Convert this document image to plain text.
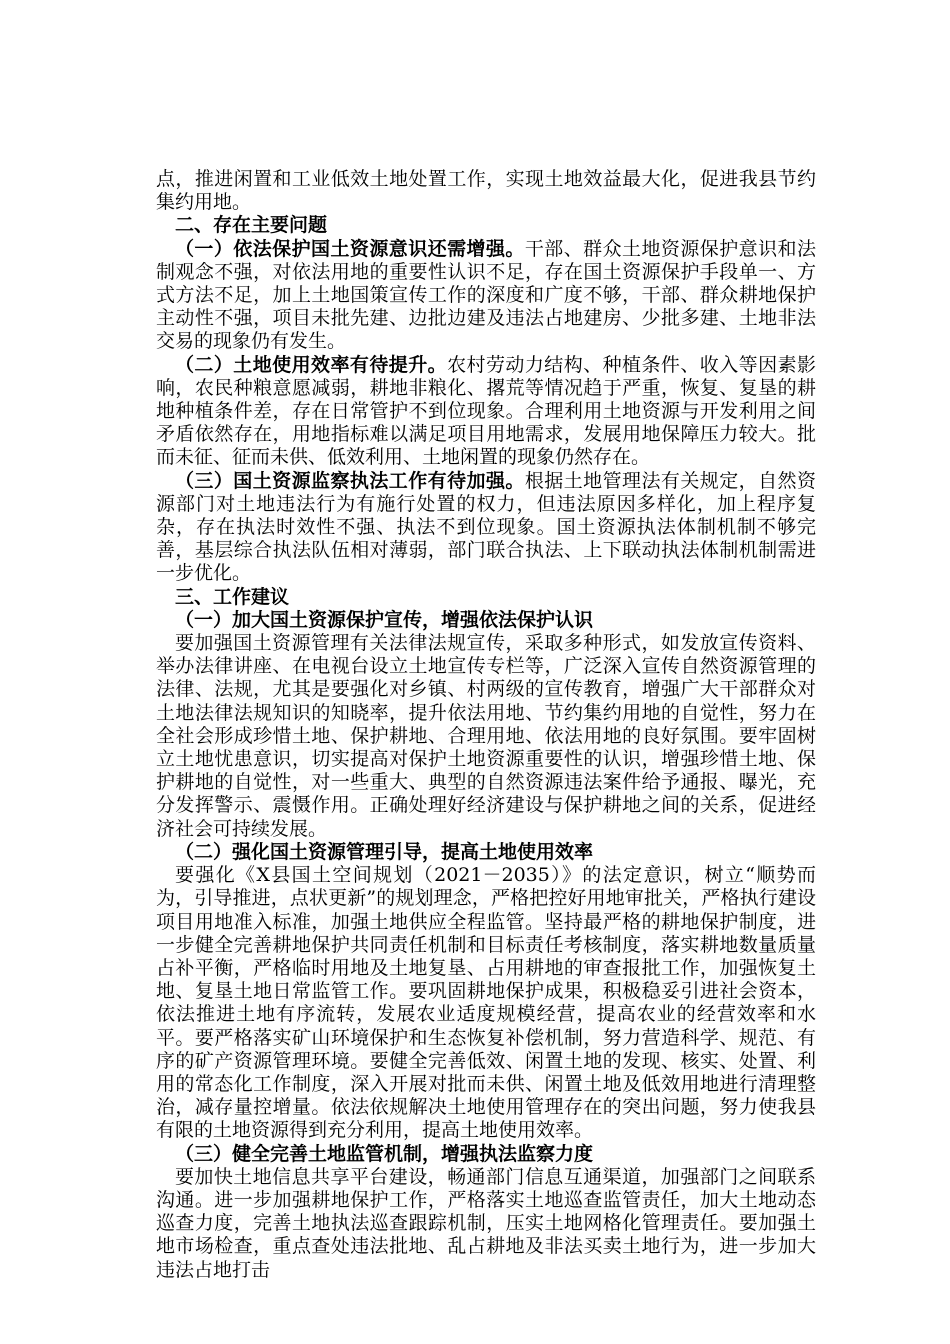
点，推进闲置和工业低效土地处置工作，实现土地效益最大化，促进我县节约集约用地。

二、存在主要问题

（一）依法保护国土资源意识还需增强。干部、群众土地资源保护意识和法制观念不强，对依法用地的重要性认识不足，存在国土资源保护手段单一、方式方法不足，加上土地国策宣传工作的深度和广度不够，干部、群众耕地保护主动性不强，项目未批先建、边批边建及违法占地建房、少批多建、土地非法交易的现象仍有发生。

（二）土地使用效率有待提升。农村劳动力结构、种植条件、收入等因素影响，农民种粮意愿减弱，耕地非粮化、撂荒等情况趋于严重，恢复、复垦的耕地种植条件差，存在日常管护不到位现象。合理利用土地资源与开发利用之间矛盾依然存在，用地指标难以满足项目用地需求，发展用地保障压力较大。批而未征、征而未供、低效利用、土地闲置的现象仍然存在。

（三）国土资源监察执法工作有待加强。根据土地管理法有关规定，自然资源部门对土地违法行为有施行处置的权力，但违法原因多样化，加上程序复杂，存在执法时效性不强、执法不到位现象。国土资源执法体制机制不够完善，基层综合执法队伍相对薄弱，部门联合执法、上下联动执法体制机制需进一步优化。

三、工作建议
（一）加大国土资源保护宣传，增强依法保护认识

要加强国土资源管理有关法律法规宣传，采取多种形式，如发放宣传资料、举办法律讲座、在电视台设立土地宣传专栏等，广泛深入宣传自然资源管理的法律、法规，尤其是要强化对乡镇、村两级的宣传教育，增强广大干部群众对土地法律法规知识的知晓率，提升依法用地、节约集约用地的自觉性，努力在全社会形成珍惜土地、保护耕地、合理用地、依法用地的良好氛围。要牢固树立土地忧患意识，切实提高对保护土地资源重要性的认识，增强珍惜土地、保护耕地的自觉性，对一些重大、典型的自然资源违法案件给予通报、曝光，充分发挥警示、震慑作用。正确处理好经济建设与保护耕地之间的关系，促进经济社会可持续发展。

（二）强化国土资源管理引导，提高土地使用效率

要强化《X县国土空间规划（2021－2035）》的法定意识，树立“顺势而为，引导推进，点状更新”的规划理念，严格把控好用地审批关，严格执行建设项目用地准入标准，加强土地供应全程监管。坚持最严格的耕地保护制度，进一步健全完善耕地保护共同责任机制和目标责任考核制度，落实耕地数量质量占补平衡，严格临时用地及土地复垦、占用耕地的审查报批工作，加强恢复土地、复垦土地日常监管工作。要巩固耕地保护成果，积极稳妥引进社会资本，依法推进土地有序流转，发展农业适度规模经营，提高农业的经营效率和水平。要严格落实矿山环境保护和生态恢复补偿机制，努力营造科学、规范、有序的矿产资源管理环境。要健全完善低效、闲置土地的发现、核实、处置、利用的常态化工作制度，深入开展对批而未供、闲置土地及低效用地进行清理整治，减存量控增量。依法依规解决土地使用管理存在的突出问题，努力使我县有限的土地资源得到充分利用，提高土地使用效率。

（三）健全完善土地监管机制，增强执法监察力度

要加快土地信息共享平台建设，畅通部门信息互通渠道，加强部门之间联系沟通。进一步加强耕地保护工作，严格落实土地巡查监管责任，加大土地动态巡查力度，完善土地执法巡查跟踪机制，压实土地网格化管理责任。要加强土地市场检查，重点查处违法批地、乱占耕地及非法买卖土地行为，进一步加大违法占地打击
